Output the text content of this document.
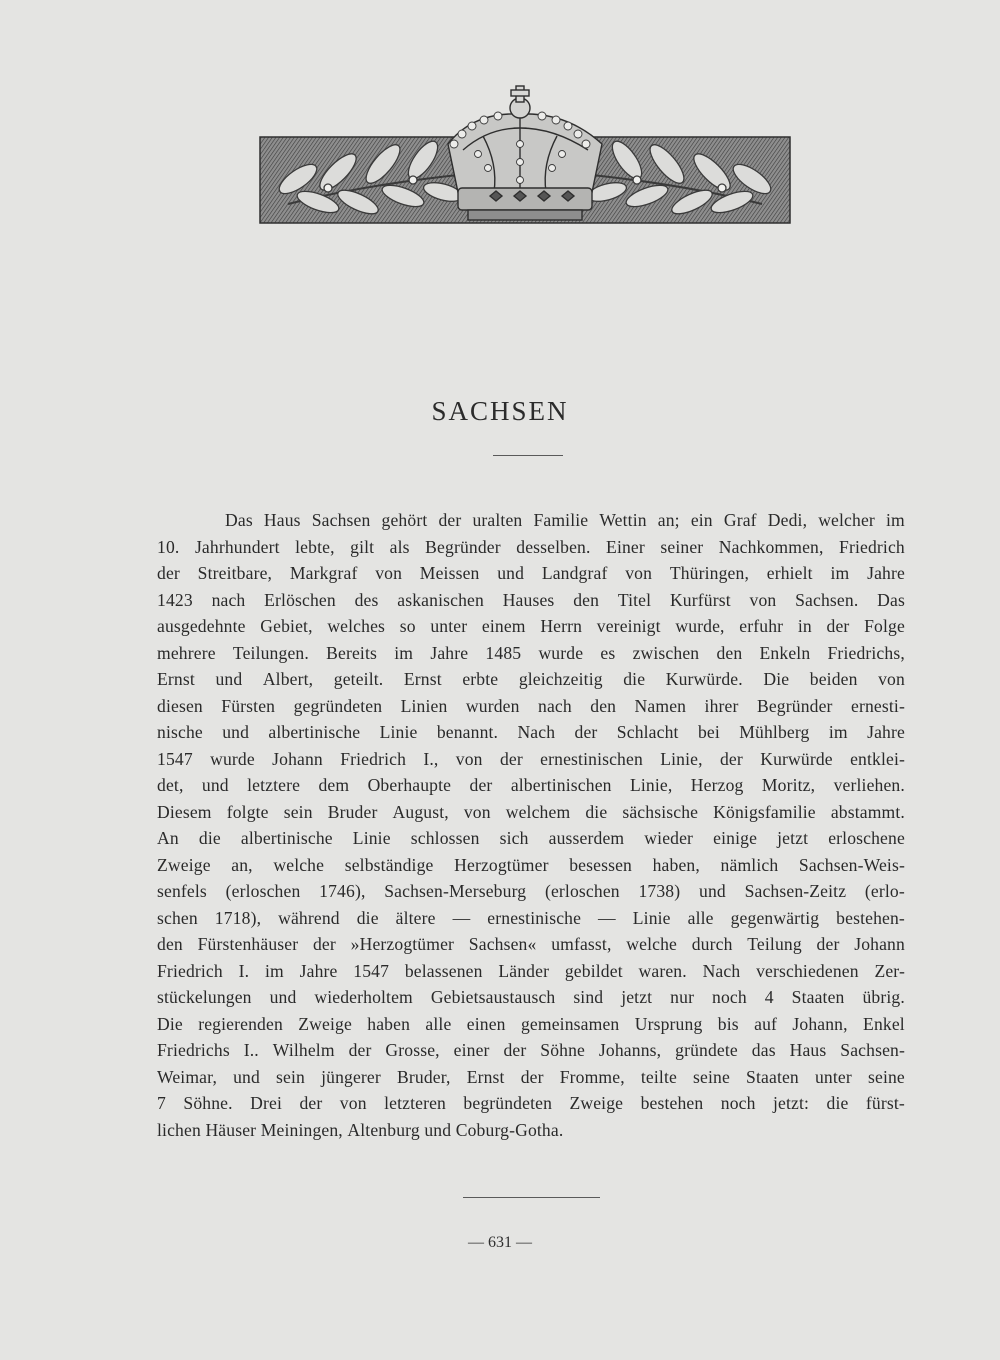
SACHSEN
Das Haus Sachsen gehört der uralten Familie Wettin an; ein Graf Dedi, welcher im
10. Jahrhundert lebte, gilt als Begründer desselben. Einer seiner Nachkommen, Friedrich
der Streitbare, Markgraf von Meissen und Landgraf von Thüringen, erhielt im Jahre
1423 nach Erlöschen des askanischen Hauses den Titel Kurfürst von Sachsen. Das
ausgedehnte Gebiet, welches so unter einem Herrn vereinigt wurde, erfuhr in der Folge
mehrere Teilungen. Bereits im Jahre 1485 wurde es zwischen den Enkeln Friedrichs,
Ernst und Albert, geteilt. Ernst erbte gleichzeitig die Kurwürde. Die beiden von
diesen Fürsten gegründeten Linien wurden nach den Namen ihrer Begründer ernesti-
nische und albertinische Linie benannt. Nach der Schlacht bei Mühlberg im Jahre
1547 wurde Johann Friedrich I., von der ernestinischen Linie, der Kurwürde entklei-
det, und letztere dem Oberhaupte der albertinischen Linie, Herzog Moritz, verliehen.
Diesem folgte sein Bruder August, von welchem die sächsische Königsfamilie abstammt.
An die albertinische Linie schlossen sich ausserdem wieder einige jetzt erloschene
Zweige an, welche selbständige Herzogtümer besessen haben, nämlich Sachsen-Weis-
senfels (erloschen 1746), Sachsen-Merseburg (erloschen 1738) und Sachsen-Zeitz (erlo-
schen 1718), während die ältere — ernestinische — Linie alle gegenwärtig bestehen-
den Fürstenhäuser der »Herzogtümer Sachsen« umfasst, welche durch Teilung der Johann
Friedrich I. im Jahre 1547 belassenen Länder gebildet waren. Nach verschiedenen Zer-
stückelungen und wiederholtem Gebietsaustausch sind jetzt nur noch 4 Staaten übrig.
Die regierenden Zweige haben alle einen gemeinsamen Ursprung bis auf Johann, Enkel
Friedrichs I.. Wilhelm der Grosse, einer der Söhne Johanns, gründete das Haus Sachsen-
Weimar, und sein jüngerer Bruder, Ernst der Fromme, teilte seine Staaten unter seine
7 Söhne. Drei der von letzteren begründeten Zweige bestehen noch jetzt: die fürst-
lichen Häuser Meiningen, Altenburg und Coburg-Gotha.
— 631 —
